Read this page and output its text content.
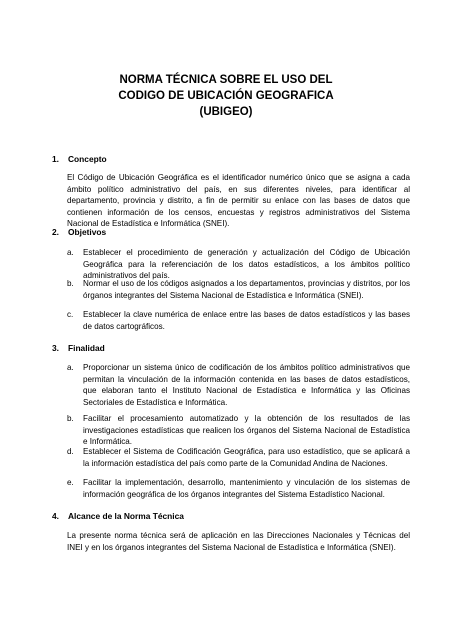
NORMA TÉCNICA SOBRE EL USO DEL
CODIGO DE UBICACIÓN GEOGRAFICA
(UBIGEO)
1. Concepto
El Código de Ubicación Geográfica es el identificador numérico único que se asigna a cada ámbito político administrativo del país, en sus diferentes niveles, para identificar al departamento, provincia y distrito, a fin de permitir su enlace con las bases de datos que contienen información de los censos, encuestas y registros administrativos del Sistema Nacional de Estadística e Informática (SNEI).
2. Objetivos
a.	Establecer el procedimiento de generación y actualización del Código de Ubicación Geográfica para la referenciación de los datos estadísticos, a los ámbitos político administrativos del país.
b.	Normar el uso de los códigos asignados a los departamentos, provincias y distritos, por los órganos integrantes del Sistema Nacional de Estadística e Informática (SNEI).
c.	Establecer la clave numérica de enlace entre las bases de datos estadísticos y las bases de datos cartográficos.
3. Finalidad
a.	Proporcionar un sistema único de codificación de los ámbitos político administrativos que permitan la vinculación de la información contenida en las bases de datos estadísticos, que elaboran tanto el Instituto Nacional de Estadística e Informática y las Oficinas Sectoriales de Estadística e Informática.
b.	Facilitar el procesamiento automatizado y la obtención de los resultados de las investigaciones estadísticas que realicen los órganos del Sistema Nacional de Estadística e Informática.
d.	Establecer el Sistema de Codificación Geográfica, para uso estadístico, que se aplicará a la información estadística del país como parte de la Comunidad Andina de Naciones.
e.	Facilitar la implementación, desarrollo, mantenimiento y vinculación de los sistemas de información geográfica de los órganos integrantes del Sistema Estadístico Nacional.
4. Alcance de la Norma Técnica
La presente norma técnica será de aplicación en las Direcciones Nacionales y Técnicas del INEI y en los órganos integrantes del Sistema Nacional de Estadística e Informática (SNEI).
